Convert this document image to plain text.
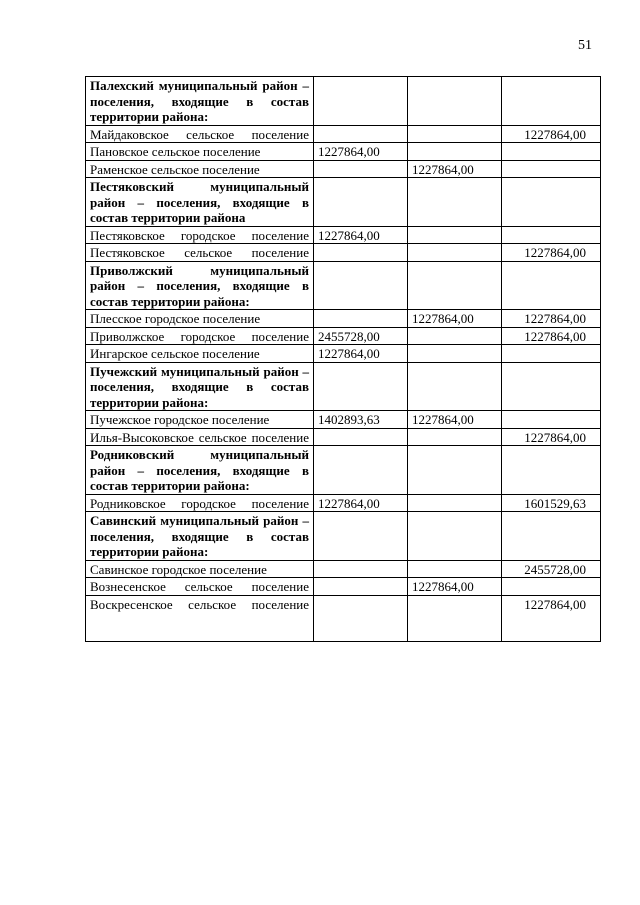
51
Палехский муниципальный район – поселения, входящие в состав территории района:			
Майдаковское сельское поселение			1227864,00
Пановское сельское поселение	1227864,00		
Раменское сельское поселение		1227864,00	
Пестяковский муниципальный район – поселения, входящие в состав территории района			
Пестяковское городское поселение	1227864,00		
Пестяковское сельское поселение			1227864,00
Приволжский муниципальный район – поселения, входящие в состав территории района:			
Плесское городское поселение		1227864,00	1227864,00
Приволжское городское поселение	2455728,00		1227864,00
Ингарское сельское поселение	1227864,00		
Пучежский муниципальный район – поселения, входящие в состав территории района:			
Пучежское городское поселение	1402893,63	1227864,00	
Илья-Высоковское сельское поселение			1227864,00
Родниковский муниципальный район – поселения, входящие в состав территории района:			
Родниковское городское поселение	1227864,00		1601529,63
Савинский муниципальный район – поселения, входящие в состав территории района:			
Савинское городское поселение			2455728,00
Вознесенское сельское поселение		1227864,00	
Воскресенское сельское поселение			1227864,00
